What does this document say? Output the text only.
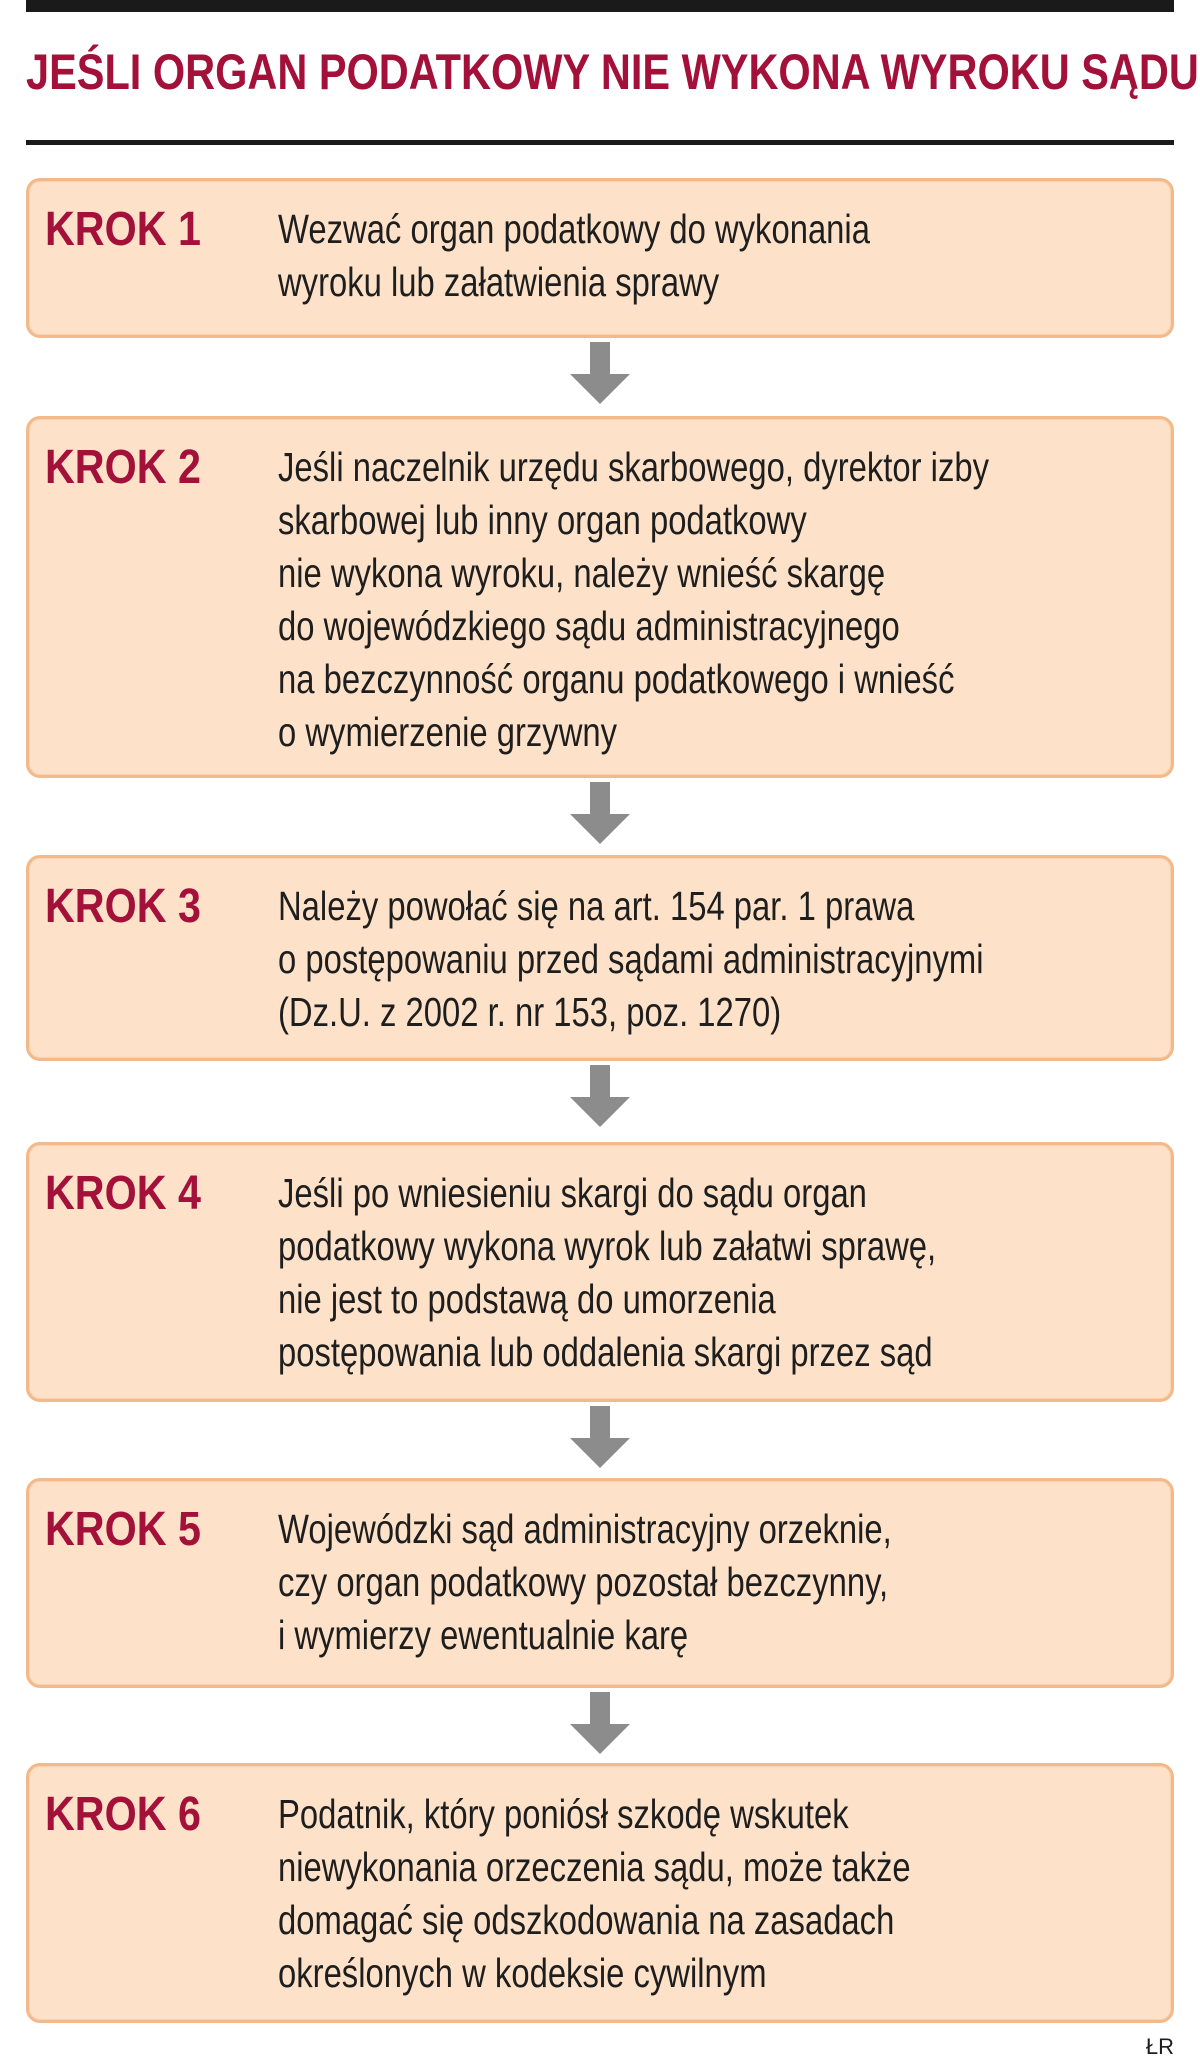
JEŚLI ORGAN PODATKOWY NIE WYKONA WYROKU SĄDU

KROK 1 Wezwać organ podatkowy do wykonania
wyroku lub załatwienia sprawy

KROK 2 Jeśli naczelnik urzędu skarbowego, dyrektor izby
skarbowej lub inny organ podatkowy
nie wykona wyroku, należy wnieść skargę
do wojewódzkiego sądu administracyjnego
na bezczynność organu podatkowego i wnieść
o wymierzenie grzywny

KROK 3 Należy powołać się na art. 154 par. 1 prawa
o postępowaniu przed sądami administracyjnymi
(Dz.U. z 2002 r. nr 153, poz. 1270)

KROK 4 Jeśli po wniesieniu skargi do sądu organ
podatkowy wykona wyrok lub załatwi sprawę,
nie jest to podstawą do umorzenia
postępowania lub oddalenia skargi przez sąd

KROK 5 Wojewódzki sąd administracyjny orzeknie,
czy organ podatkowy pozostał bezczynny,
i wymierzy ewentualnie karę

KROK 6 Podatnik, który poniósł szkodę wskutek
niewykonania orzeczenia sądu, może także
domagać się odszkodowania na zasadach
określonych w kodeksie cywilnym

ŁR
